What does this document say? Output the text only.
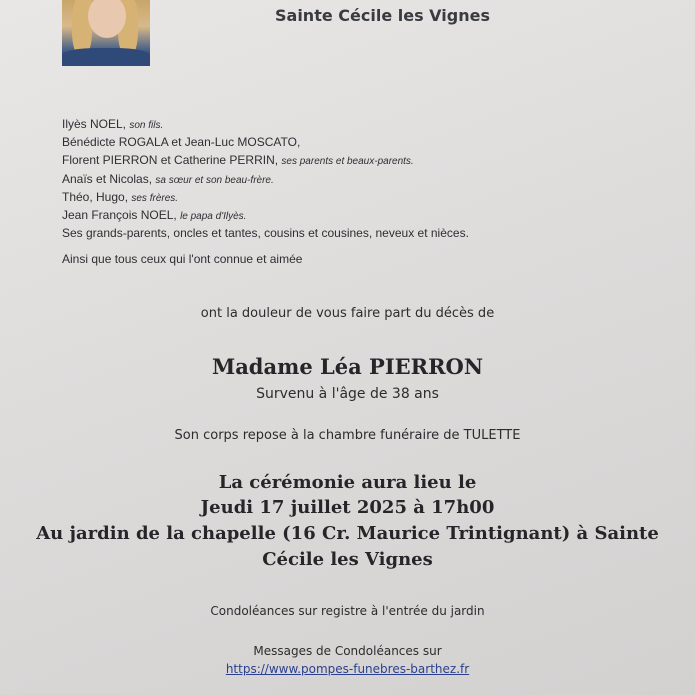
Sainte Cécile les Vignes
Ilyès NOEL, son fils.
Bénédicte ROGALA et Jean-Luc MOSCATO,
Florent PIERRON et Catherine PERRIN, ses parents et beaux-parents.
Anaïs et Nicolas, sa sœur et son beau-frère.
Théo, Hugo, ses frères.
Jean François NOEL, le papa d'Ilyès.
Ses grands-parents, oncles et tantes, cousins et cousines, neveux et nièces.
Ainsi que tous ceux qui l'ont connue et aimée
ont la douleur de vous faire part du décès de
Madame Léa PIERRON
Survenu à l'âge de 38 ans
Son corps repose à la chambre funéraire de TULETTE
La cérémonie aura lieu le
Jeudi 17 juillet 2025 à 17h00
Au jardin de la chapelle (16 Cr. Maurice Trintignant) à Sainte
Cécile les Vignes
Condoléances sur registre à l'entrée du jardin
Messages de Condoléances sur
https://www.pompes-funebres-barthez.fr
